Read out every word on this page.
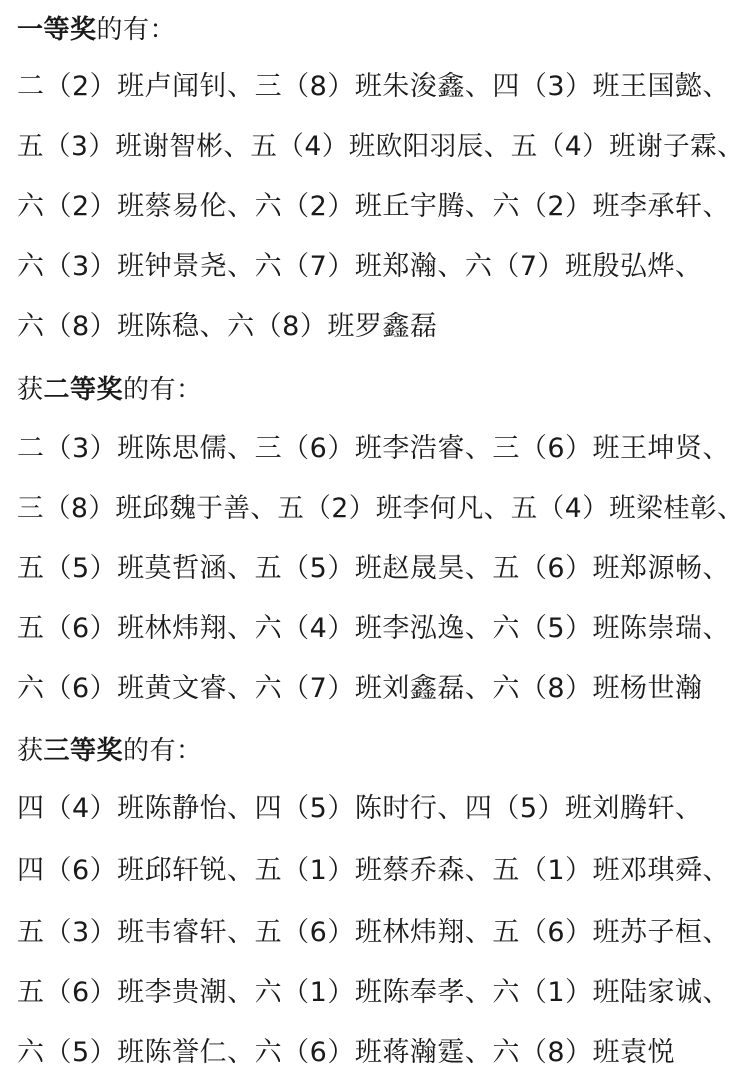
一等奖的有：
二（2）班卢闻钊、三（8）班朱浚鑫、四（3）班王国懿、
五（3）班谢智彬、五（4）班欧阳羽辰、五（4）班谢子霖、
六（2）班蔡易伦、六（2）班丘宇腾、六（2）班李承轩、
六（3）班钟景尧、六（7）班郑瀚、六（7）班殷弘烨、
六（8）班陈稳、六（8）班罗鑫磊
获二等奖的有：
二（3）班陈思儒、三（6）班李浩睿、三（6）班王坤贤、
三（8）班邱魏于善、五（2）班李何凡、五（4）班梁桂彰、
五（5）班莫哲涵、五（5）班赵晟昊、五（6）班郑源畅、
五（6）班林炜翔、六（4）班李泓逸、六（5）班陈崇瑞、
六（6）班黄文睿、六（7）班刘鑫磊、六（8）班杨世瀚
获三等奖的有：
四（4）班陈静怡、四（5）陈时行、四（5）班刘腾轩、
四（6）班邱轩锐、五（1）班蔡乔森、五（1）班邓琪舜、
五（3）班韦睿轩、五（6）班林炜翔、五（6）班苏子桓、
五（6）班李贵潮、六（1）班陈奉孝、六（1）班陆家诚、
六（5）班陈誉仁、六（6）班蒋瀚霆、六（8）班袁悦
